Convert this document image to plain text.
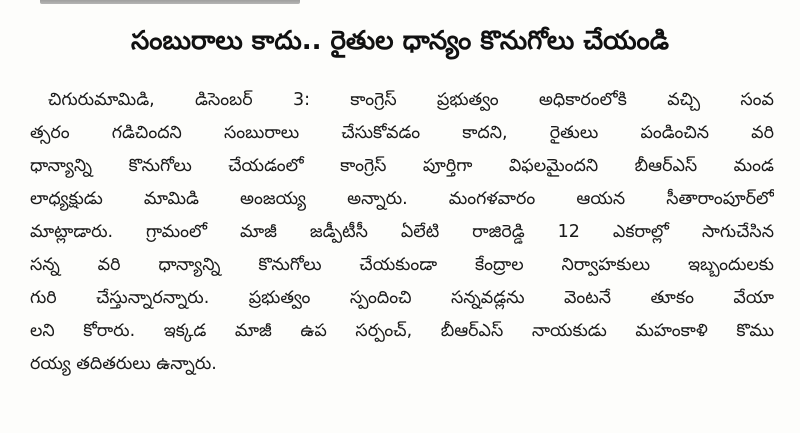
సంబురాలు కాదు.. రైతుల ధాన్యం కొనుగోలు చేయండి
చిగురుమామిడి, డిసెంబర్ 3: కాంగ్రెస్ ప్రభుత్వం అధికారంలోకి వచ్చి సంవ
త్సరం గడిచిందని సంబురాలు చేసుకోవడం కాదని, రైతులు పండించిన వరి
ధాన్యాన్ని కొనుగోలు చేయడంలో కాంగ్రెస్ పూర్తిగా విఫలమైందని బీఆర్ఎస్ మండ
లాధ్యక్షుడు మామిడి అంజయ్య అన్నారు. మంగళవారం ఆయన సీతారాంపూర్‌లో
మాట్లాడారు. గ్రామంలో మాజీ జడ్పీటీసీ ఏలేటి రాజిరెడ్డి 12 ఎకరాల్లో సాగుచేసిన
సన్న వరి ధాన్యాన్ని కొనుగోలు చేయకుండా కేంద్రాల నిర్వాహకులు ఇబ్బందులకు
గురి చేస్తున్నారన్నారు. ప్రభుత్వం స్పందించి సన్నవడ్లను వెంటనే తూకం వేయా
లని కోరారు. ఇక్కడ మాజీ ఉప సర్పంచ్, బీఆర్ఎస్ నాయకుడు మహంకాళి కొము
రయ్య తదితరులు ఉన్నారు.
